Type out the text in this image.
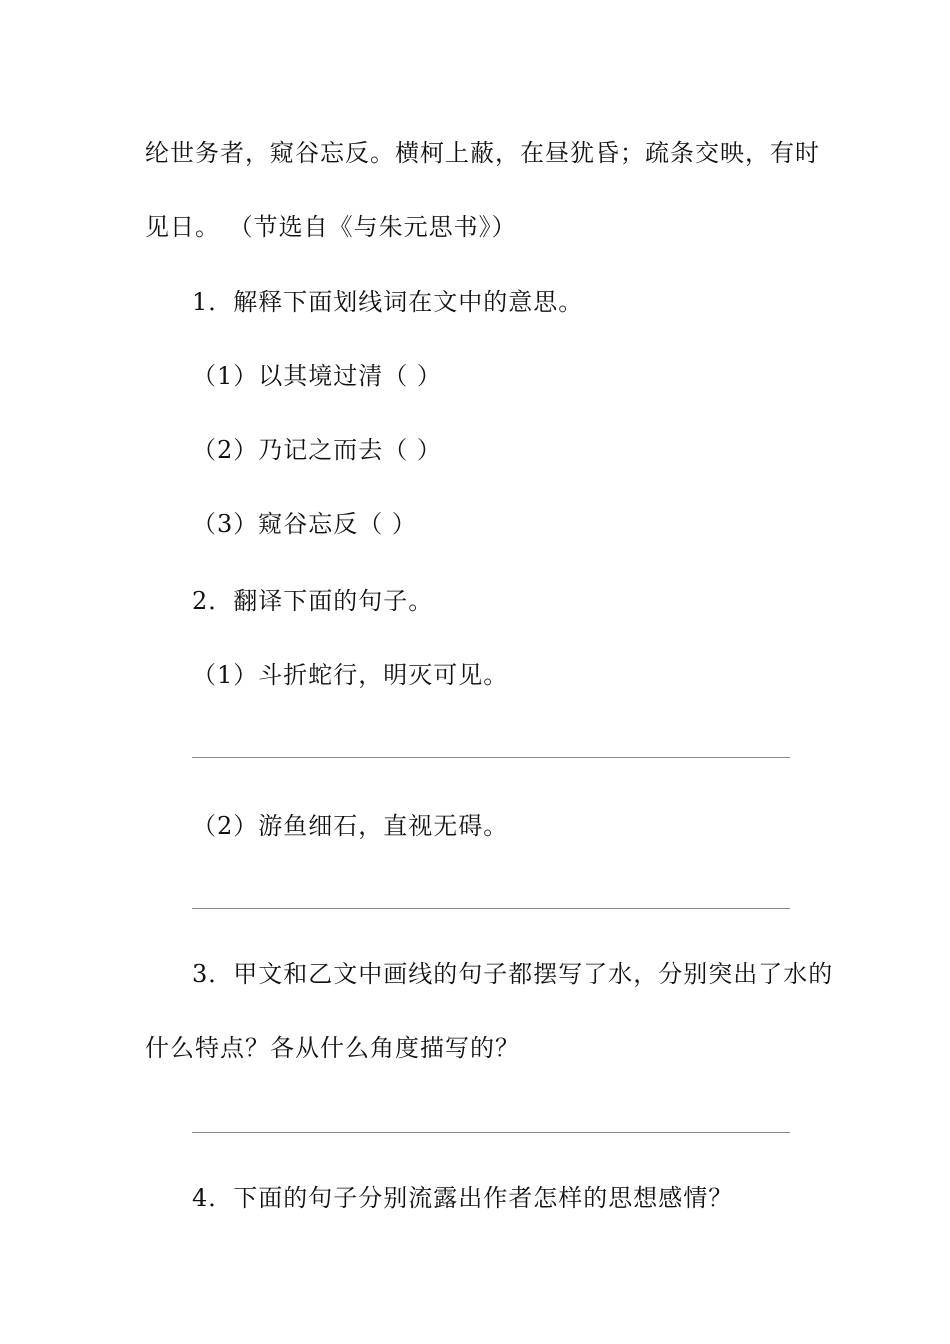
纶世务者，窥谷忘反。横柯上蔽，在昼犹昏；疏条交映，有时
见日。 （节选自《与朱元思书》）
1．解释下面划线词在文中的意思。
（1）以其境过清（ ）
（2）乃记之而去（ ）
（3）窥谷忘反（ ）
2．翻译下面的句子。
（1）斗折蛇行，明灭可见。
（2）游鱼细石，直视无碍。
3．甲文和乙文中画线的句子都摆写了水，分别突出了水的
什么特点？各从什么角度描写的？
4．下面的句子分别流露出作者怎样的思想感情？
